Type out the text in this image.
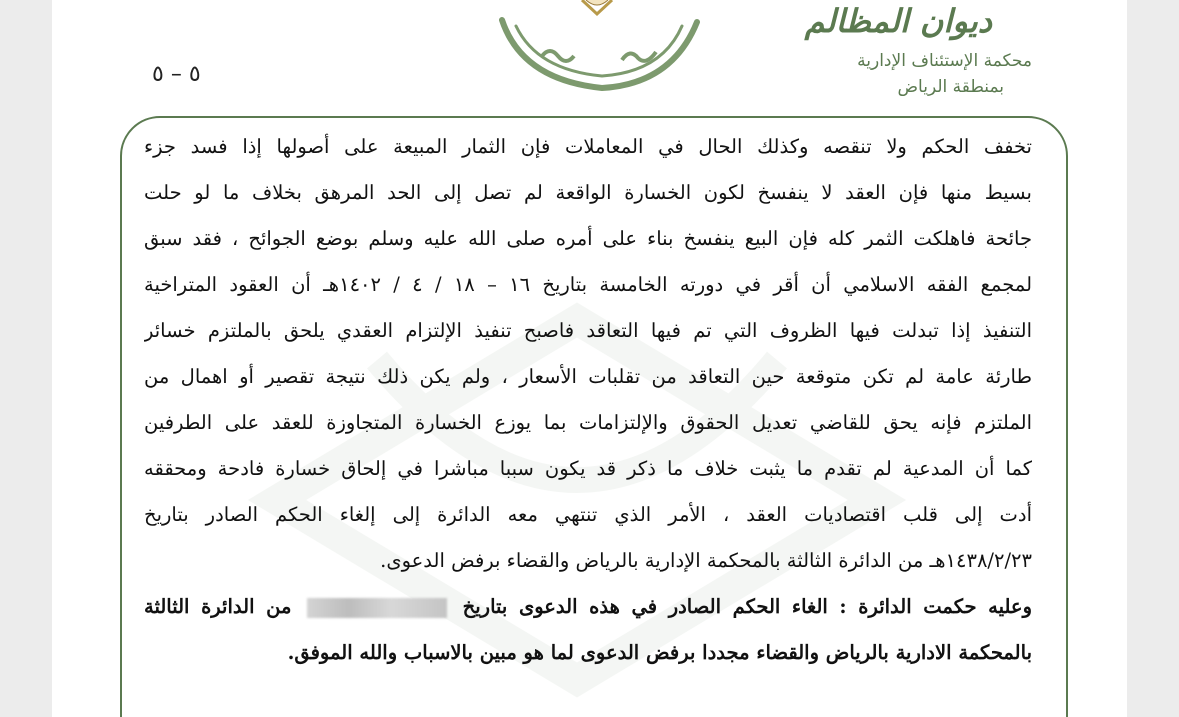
٥ – ٥
ديوان المظالم
محكمة الإستئناف الإدارية
بمنطقة الرياض
تخفف الحكم ولا تنقصه وكذلك الحال في المعاملات فإن الثمار المبيعة على أصولها إذا فسد جزء
بسيط منها فإن العقد لا ينفسخ لكون الخسارة الواقعة لم تصل إلى الحد المرهق بخلاف ما لو حلت
جائحة فاهلكت الثمر كله فإن البيع ينفسخ بناء على أمره صلى الله عليه وسلم بوضع الجوائح ، فقد سبق
لمجمع الفقه الاسلامي أن أقر في دورته الخامسة بتاريخ ١٦ – ١٨ / ٤ / ١٤٠٢هـ أن العقود المتراخية
التنفيذ إذا تبدلت فيها الظروف التي تم فيها التعاقد فاصبح تنفيذ الإلتزام العقدي يلحق بالملتزم خسائر
طارئة عامة لم تكن متوقعة حين التعاقد من تقلبات الأسعار ، ولم يكن ذلك نتيجة تقصير أو اهمال من
الملتزم فإنه يحق للقاضي تعديل الحقوق والإلتزامات بما يوزع الخسارة المتجاوزة للعقد على الطرفين
كما أن المدعية لم تقدم ما يثبت خلاف ما ذكر قد يكون سببا مباشرا في إلحاق خسارة فادحة ومحققه
أدت إلى قلب اقتصاديات العقد ، الأمر الذي تنتهي معه الدائرة إلى إلغاء الحكم الصادر بتاريخ
١٤٣٨/٢/٢٣هـ من الدائرة الثالثة بالمحكمة الإدارية بالرياض والقضاء برفض الدعوى.
وعليه حكمت الدائرة : الغاء الحكم الصادر في هذه الدعوى بتاريخ  من الدائرة الثالثة
بالمحكمة الادارية بالرياض والقضاء مجددا برفض الدعوى لما هو مبين بالاسباب والله الموفق.
